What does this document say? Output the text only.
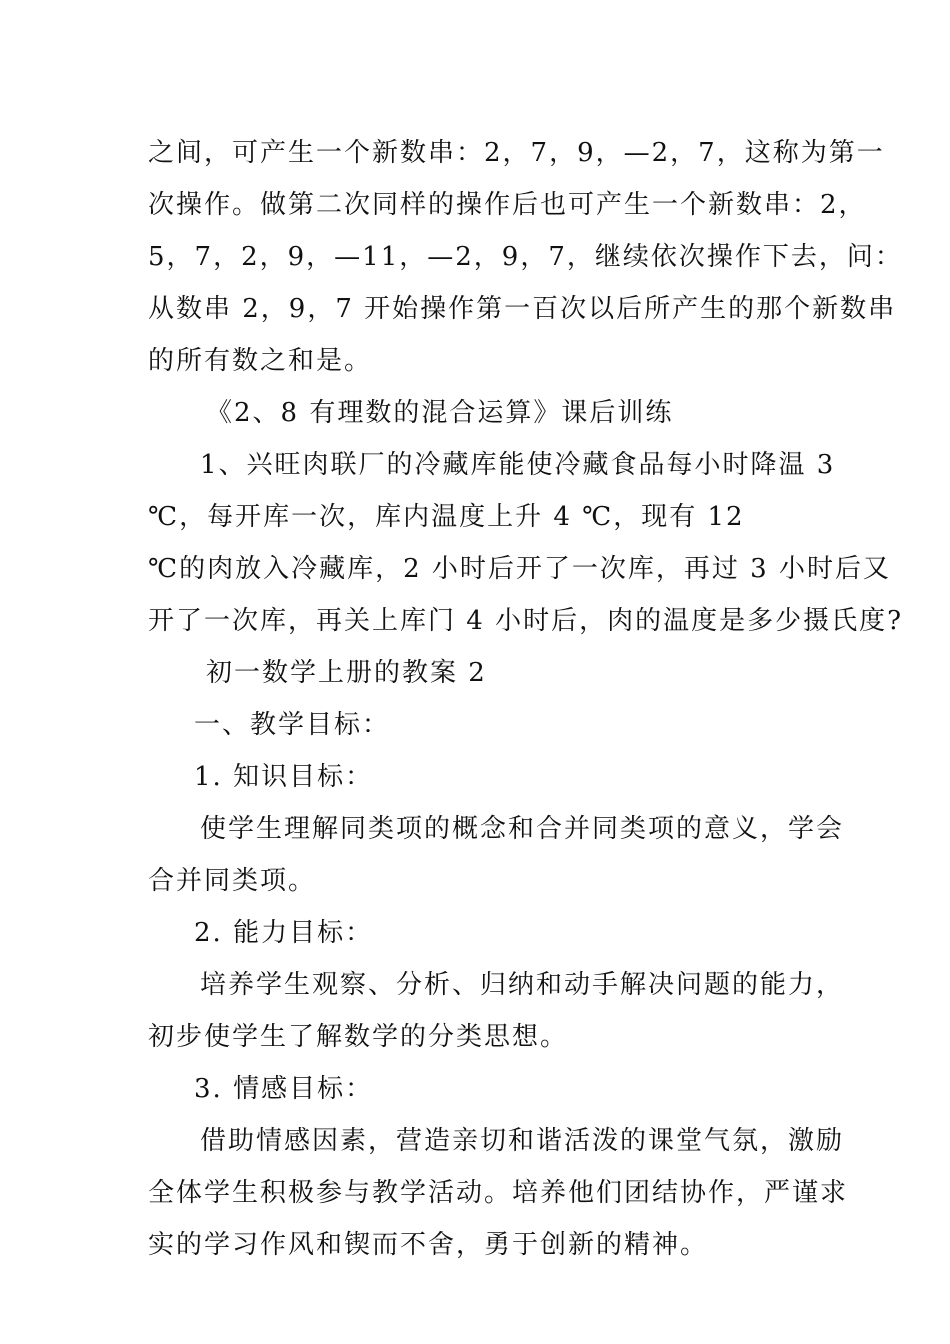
之间，可产生一个新数串：2，7，9，—2，7，这称为第一
次操作。做第二次同样的操作后也可产生一个新数串：2，
5，7，2，9，—11，—2，9，7，继续依次操作下去，问：
从数串 2，9，7 开始操作第一百次以后所产生的那个新数串
的所有数之和是。
《2、8 有理数的混合运算》课后训练
1、兴旺肉联厂的冷藏库能使冷藏食品每小时降温 3
℃，每开库一次，库内温度上升 4 ℃，现有 12
℃的肉放入冷藏库，2 小时后开了一次库，再过 3 小时后又
开了一次库，再关上库门 4 小时后，肉的温度是多少摄氏度?
初一数学上册的教案 2
一、教学目标：
1. 知识目标：
使学生理解同类项的概念和合并同类项的意义，学会
合并同类项。
2. 能力目标：
培养学生观察、分析、归纳和动手解决问题的能力，
初步使学生了解数学的分类思想。
3. 情感目标：
借助情感因素，营造亲切和谐活泼的课堂气氛，激励
全体学生积极参与教学活动。培养他们团结协作，严谨求
实的学习作风和锲而不舍，勇于创新的精神。
